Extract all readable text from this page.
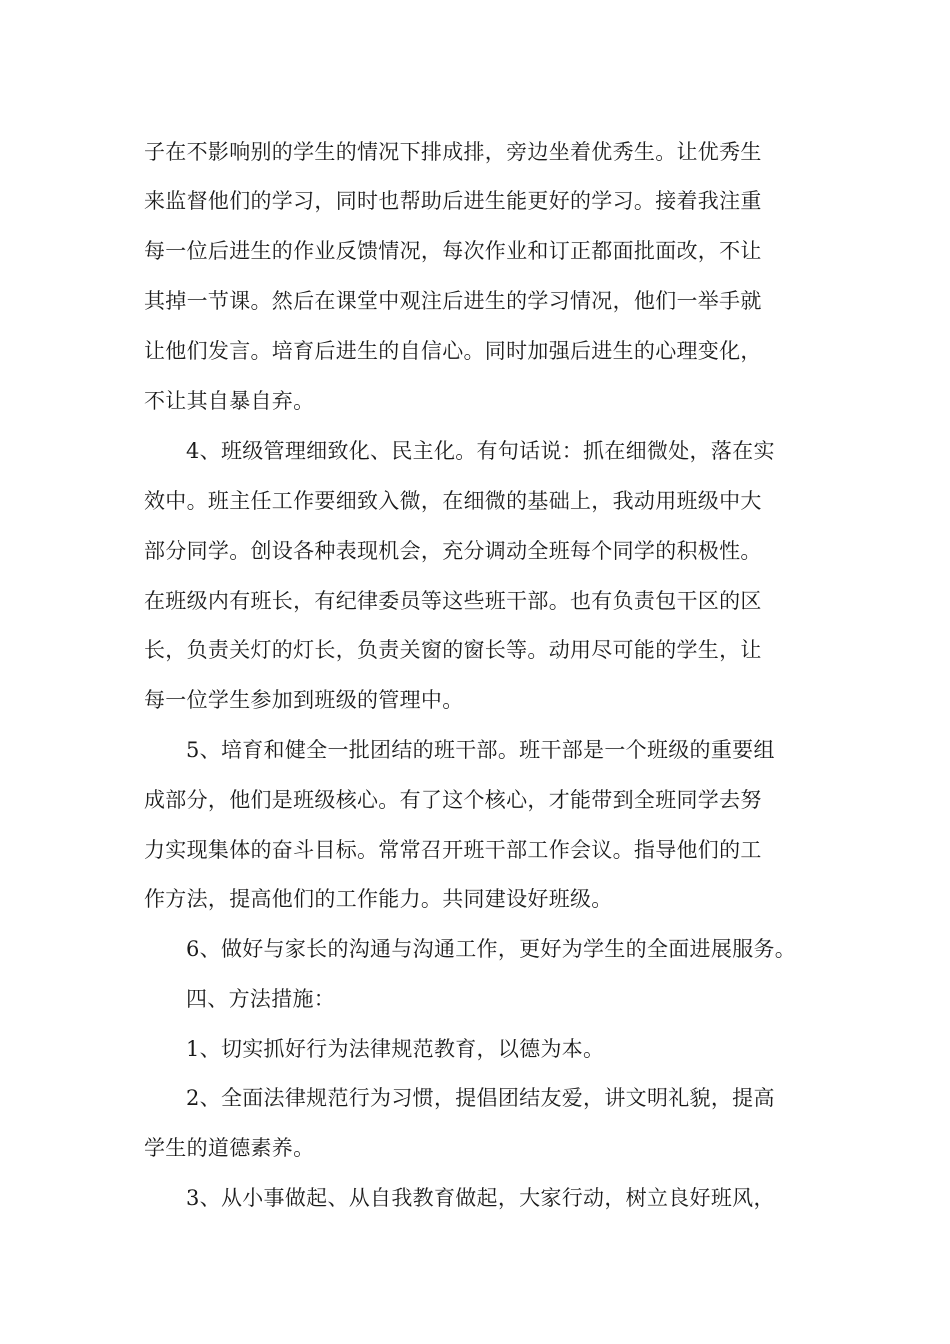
子在不影响别的学生的情况下排成排，旁边坐着优秀生。让优秀生
来监督他们的学习，同时也帮助后进生能更好的学习。接着我注重
每一位后进生的作业反馈情况，每次作业和订正都面批面改，不让
其掉一节课。然后在课堂中观注后进生的学习情况，他们一举手就
让他们发言。培育后进生的自信心。同时加强后进生的心理变化，
不让其自暴自弃。
4、班级管理细致化、民主化。有句话说：抓在细微处，落在实
效中。班主任工作要细致入微，在细微的基础上，我动用班级中大
部分同学。创设各种表现机会，充分调动全班每个同学的积极性。
在班级内有班长，有纪律委员等这些班干部。也有负责包干区的区
长，负责关灯的灯长，负责关窗的窗长等。动用尽可能的学生，让
每一位学生参加到班级的管理中。
5、培育和健全一批团结的班干部。班干部是一个班级的重要组
成部分，他们是班级核心。有了这个核心，才能带到全班同学去努
力实现集体的奋斗目标。常常召开班干部工作会议。指导他们的工
作方法，提高他们的工作能力。共同建设好班级。
6、做好与家长的沟通与沟通工作，更好为学生的全面进展服务。
四、方法措施：
1、切实抓好行为法律规范教育，以德为本。
2、全面法律规范行为习惯，提倡团结友爱，讲文明礼貌，提高
学生的道德素养。
3、从小事做起、从自我教育做起，大家行动，树立良好班风，
